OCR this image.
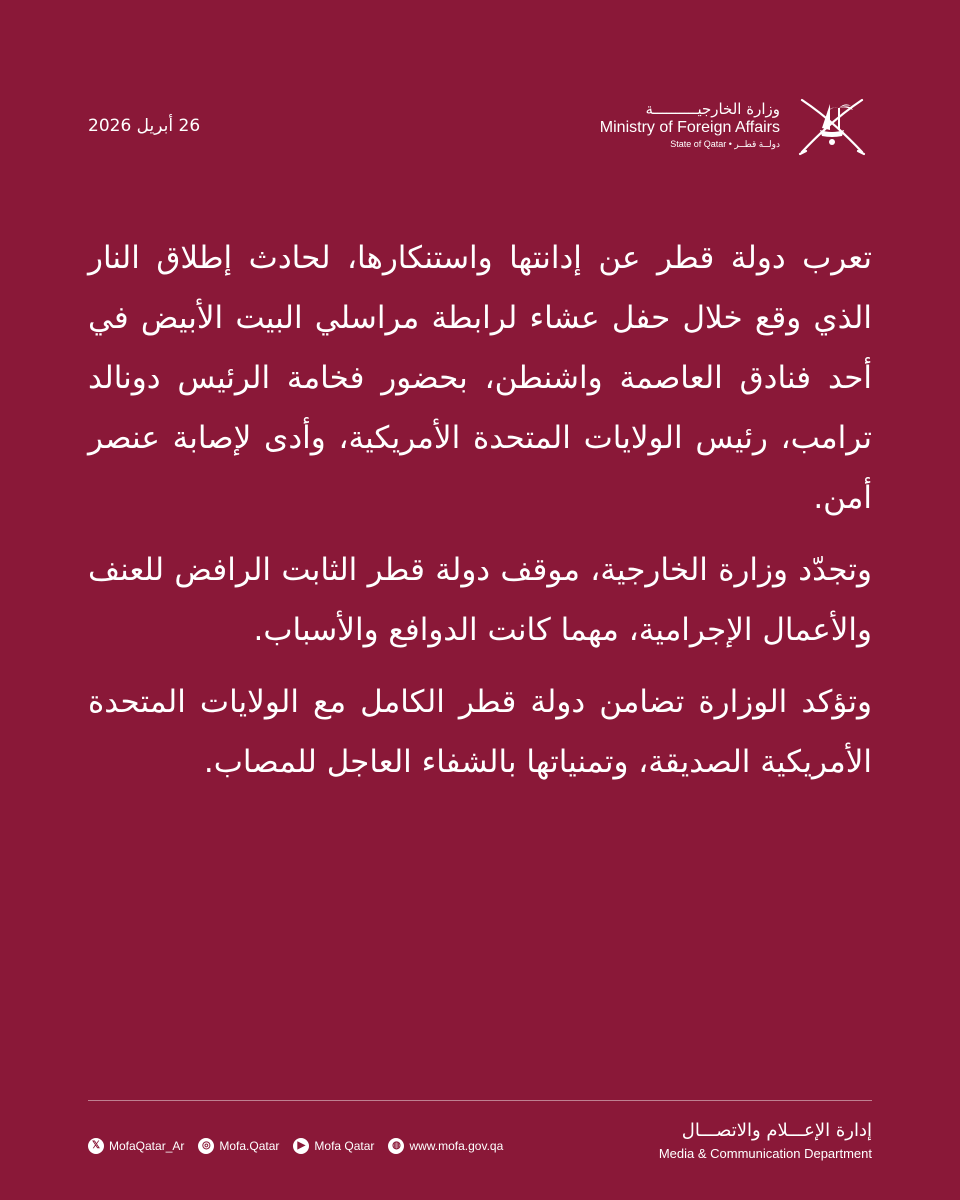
26 أبريل 2026
وزارة الخارجيــــــــــة
Ministry of Foreign Affairs
State of Qatar • دولــة قطــر

تعرب دولة قطر عن إدانتها واستنكارها، لحادث إطلاق النار الذي وقع خلال حفل عشاء لرابطة مراسلي البيت الأبيض في أحد فنادق العاصمة واشنطن، بحضور فخامة الرئيس دونالد ترامب، رئيس الولايات المتحدة الأمريكية، وأدى لإصابة عنصر أمن.

وتجدّد وزارة الخارجية، موقف دولة قطر الثابت الرافض للعنف والأعمال الإجرامية، مهما كانت الدوافع والأسباب.

وتؤكد الوزارة تضامن دولة قطر الكامل مع الولايات المتحدة الأمريكية الصديقة، وتمنياتها بالشفاء العاجل للمصاب.

إدارة الإعـــلام والاتصـــال
Media & Communication Department
𝕏 MofaQatar_Ar	◎ Mofa.Qatar	▶ Mofa Qatar	◍ www.mofa.gov.qa
